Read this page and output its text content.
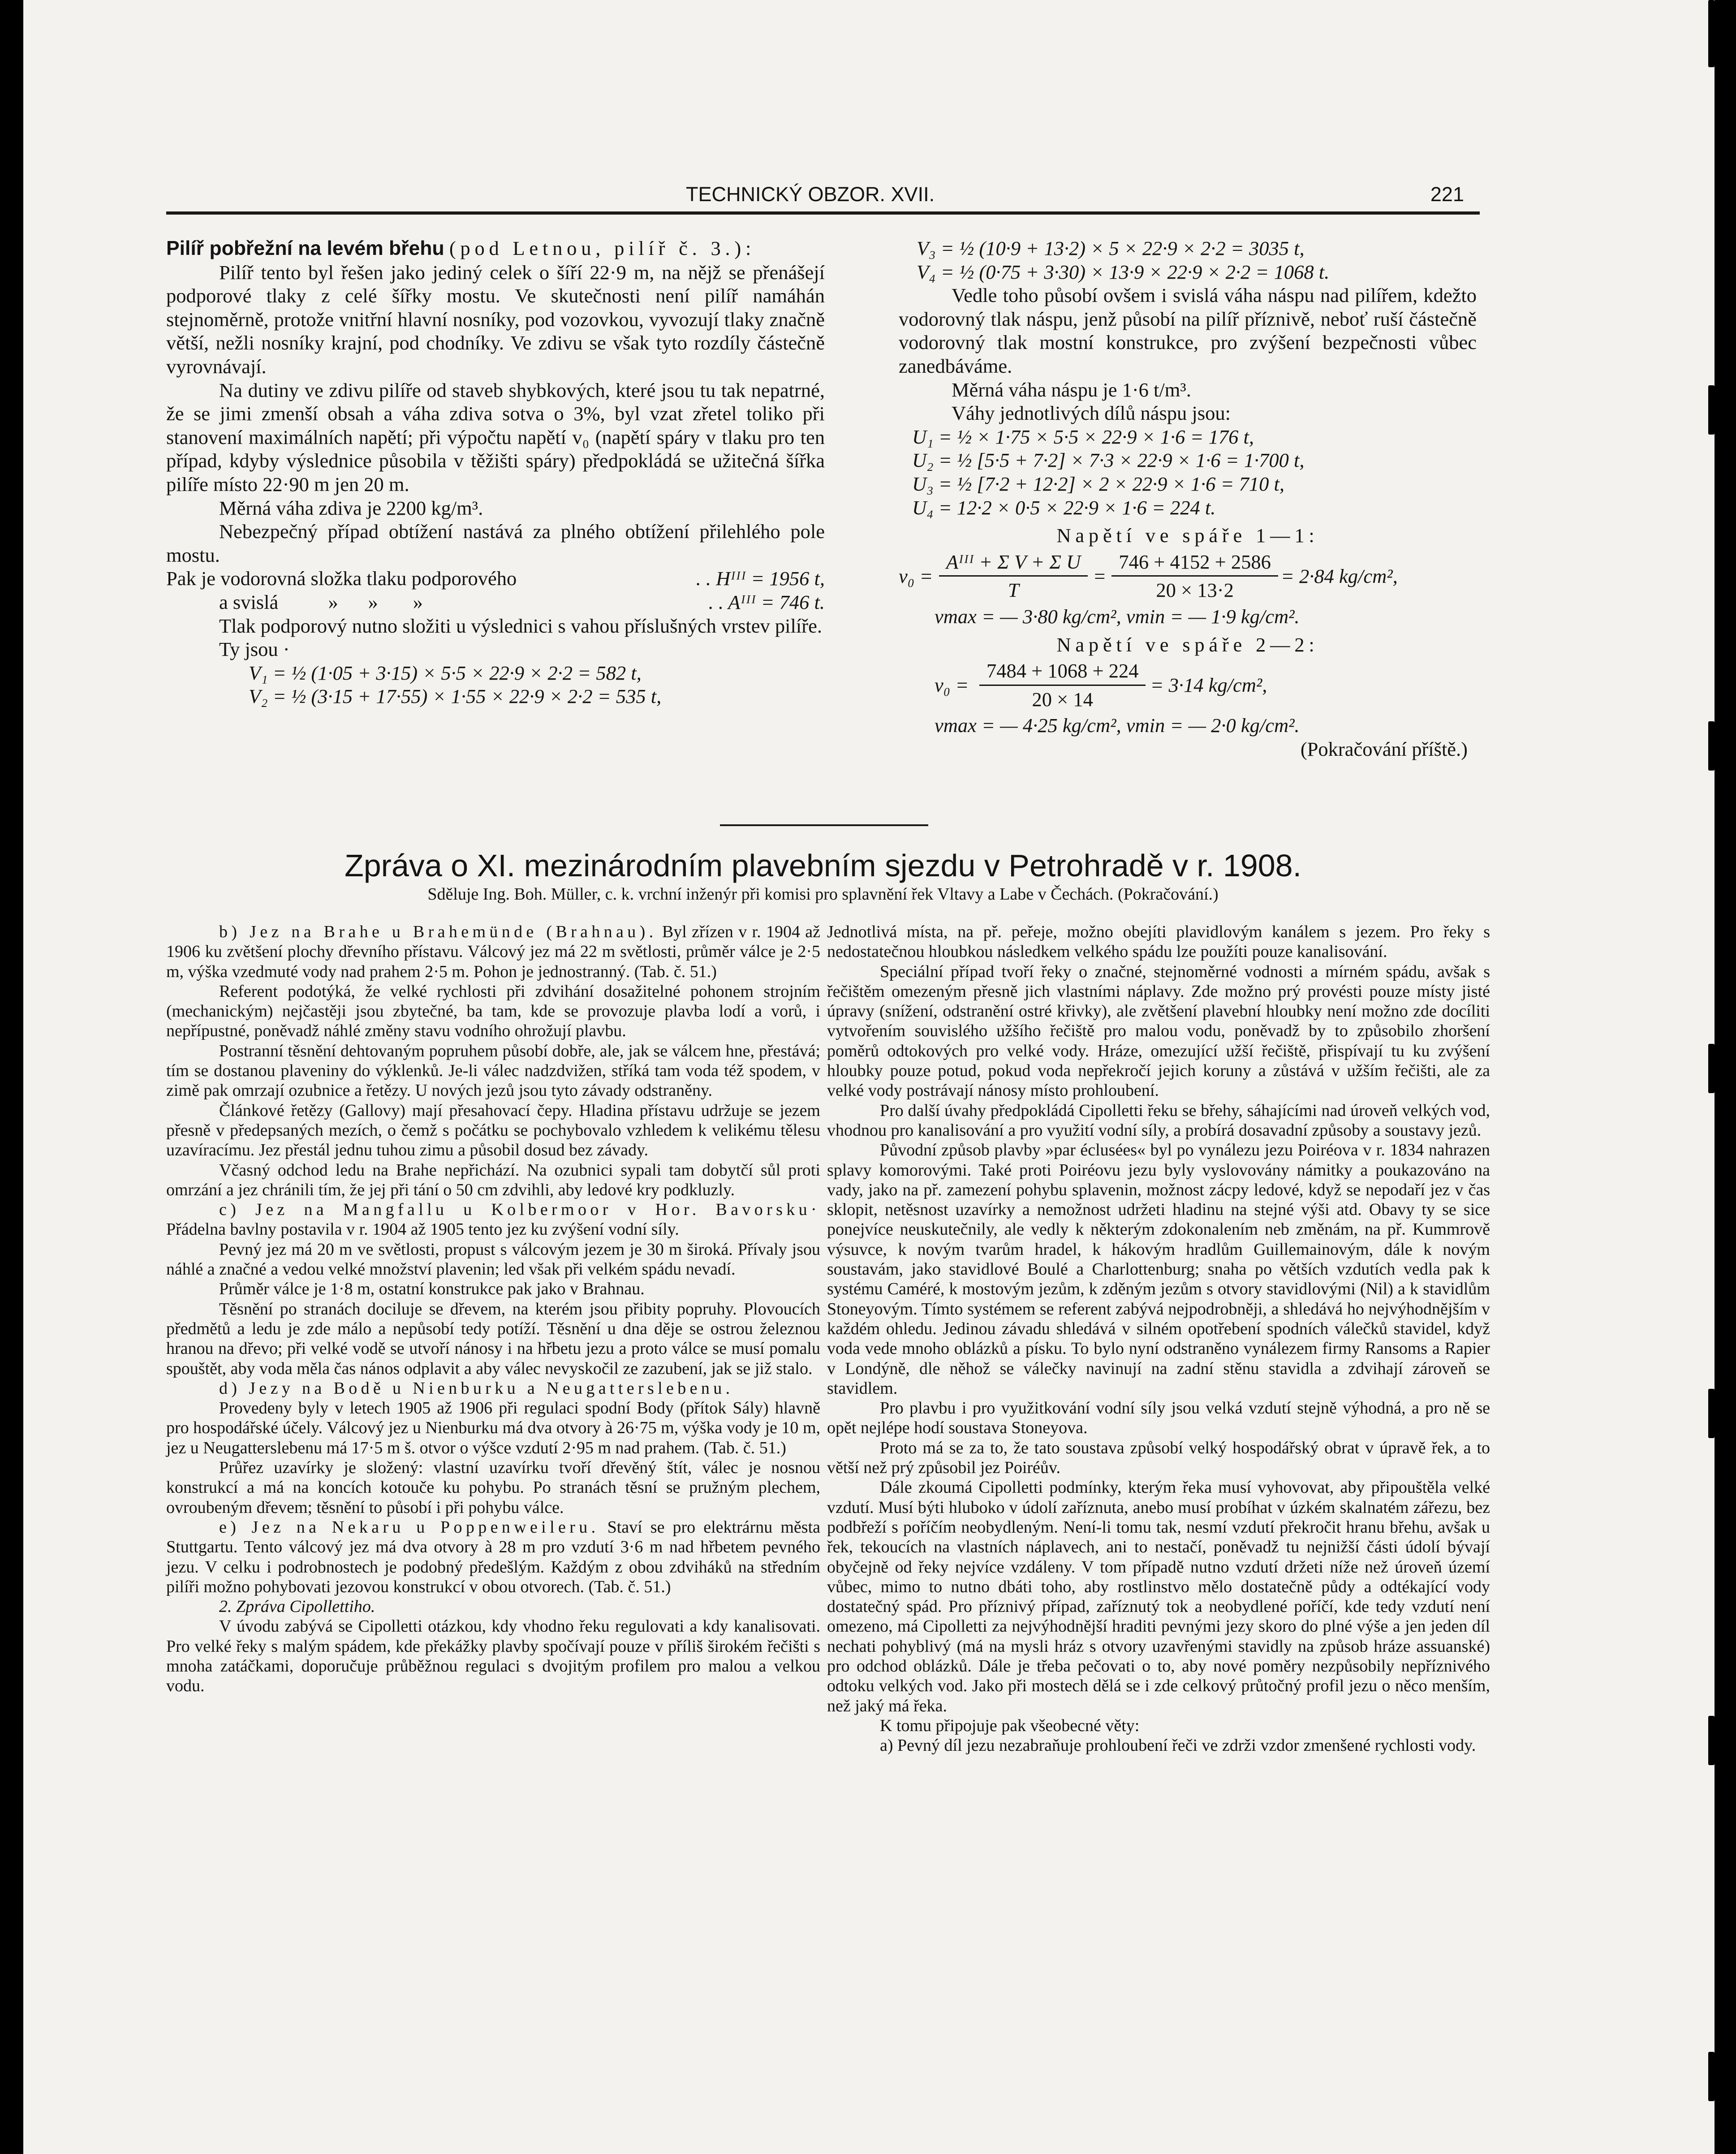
TECHNICKÝ OBZOR. XVII.	221

Pilíř pobřežní na levém břehu (pod Letnou, pilíř č. 3.):

Pilíř tento byl řešen jako jediný celek o šíří 22·9 m, na nějž se přenášejí podporové tlaky z celé šířky mostu. Ve skutečnosti není pilíř namáhán stejnoměrně, protože vnitřní hlavní nosníky, pod vozovkou, vyvozují tlaky značně větší, nežli nosníky krajní, pod chodníky. Ve zdivu se však tyto rozdíly částečně vyrovnávají.

Na dutiny ve zdivu pilíře od staveb shybkových, které jsou tu tak nepatrné, že se jimi zmenší obsah a váha zdiva sotva o 3%, byl vzat zřetel toliko při stanovení maximálních napětí; při výpočtu napětí v₀ (napětí spáry v tlaku pro ten případ, kdyby výslednice působila v těžišti spáry) předpokládá se užitečná šířka pilíře místo 22·90 m jen 20 m.

Měrná váha zdiva je 2200 kg/m³.

Nebezpečný případ obtížení nastává za plného obtížení přilehlého pole mostu.

Pak je vodorovná složka tlaku podporového	. . Hᴵᴵᴵ = 1956 t,
a svislá          »      »       »	. . Aᴵᴵᴵ = 746 t.

Tlak podporový nutno složiti u výslednici s vahou příslušných vrstev pilíře.

Ty jsou ·

V₁ = ½ (1·05 + 3·15) × 5·5 × 22·9 × 2·2 = 582 t,

V₂ = ½ (3·15 + 17·55) × 1·55 × 22·9 × 2·2 = 535 t,

V₃ = ½ (10·9 + 13·2) × 5 × 22·9 × 2·2 = 3035 t,

V₄ = ½ (0·75 + 3·30) × 13·9 × 22·9 × 2·2 = 1068 t.

Vedle toho působí ovšem i svislá váha náspu nad pilířem, kdežto vodorovný tlak náspu, jenž působí na pilíř příznivě, neboť ruší částečně vodorovný tlak mostní konstrukce, pro zvýšení bezpečnosti vůbec zanedbáváme.

Měrná váha náspu je 1·6 t/m³.

Váhy jednotlivých dílů náspu jsou:

U₁ = ½ × 1·75 × 5·5 × 22·9 × 1·6 = 176 t,

U₂ = ½ [5·5 + 7·2] × 7·3 × 22·9 × 1·6 = 1·700 t,

U₃ = ½ [7·2 + 12·2] × 2 × 22·9 × 1·6 = 710 t,

U₄ = 12·2 × 0·5 × 22·9 × 1·6 = 224 t.

Napětí ve spáře 1—1:

$v_0 = \frac{\text{Aᴵᴵᴵ + Σ V + Σ U}}{T} = \frac{746 + 4152 + 2586}{20 \times 13\cdot 2} = 2\cdot 84$ kg/cm²,

vmax = — 3·80 kg/cm², vmin = — 1·9 kg/cm².

Napětí ve spáře 2—2:

$v_0 = \frac{7484 + 1068 + 224}{20 \times 14} = 3\cdot 14$ kg/cm²,

vmax = — 4·25 kg/cm², vmin = — 2·0 kg/cm².

(Pokračování příště.)

Zpráva o XI. mezinárodním plavebním sjezdu v Petrohradě v r. 1908.
Sděluje Ing. Boh. Müller, c. k. vrchní inženýr při komisi pro splavnění řek Vltavy a Labe v Čechách. (Pokračování.)

b) Jez na Brahe u Brahemünde (Brahnau). Byl zřízen v r. 1904 až 1906 ku zvětšení plochy dřevního přístavu. Válcový jez má 22 m světlosti, průměr válce je 2·5 m, výška vzedmuté vody nad prahem 2·5 m. Pohon je jednostranný. (Tab. č. 51.)

Referent podotýká, že velké rychlosti při zdvihání dosažitelné pohonem strojním (mechanickým) nejčastěji jsou zbytečné, ba tam, kde se provozuje plavba lodí a vorů, i nepřípustné, poněvadž náhlé změny stavu vodního ohrožují plavbu.

Postranní těsnění dehtovaným popruhem působí dobře, ale, jak se válcem hne, přestává; tím se dostanou plaveniny do výklenků. Je-li válec nadzdvižen, stříká tam voda též spodem, v zimě pak omrzají ozubnice a řetězy. U nových jezů jsou tyto závady odstraněny.

Článkové řetězy (Gallovy) mají přesahovací čepy. Hladina přístavu udržuje se jezem přesně v předepsaných mezích, o čemž s počátku se pochybovalo vzhledem k velikému tělesu uzavíracímu. Jez přestál jednu tuhou zimu a působil dosud bez závady.

Včasný odchod ledu na Brahe nepřichází. Na ozubnici sypali tam dobytčí sůl proti omrzání a jez chránili tím, že jej při tání o 50 cm zdvihli, aby ledové kry podkluzly.

c) Jez na Mangfallu u Kolbermoor v Hor. Bavorsku· Přádelna bavlny postavila v r. 1904 až 1905 tento jez ku zvýšení vodní síly.

Pevný jez má 20 m ve světlosti, propust s válcovým jezem je 30 m široká. Přívaly jsou náhlé a značné a vedou velké množství plavenin; led však při velkém spádu nevadí.

Průměr válce je 1·8 m, ostatní konstrukce pak jako v Brahnau.

Těsnění po stranách dociluje se dřevem, na kterém jsou přibity popruhy. Plovoucích předmětů a ledu je zde málo a nepůsobí tedy potíží. Těsnění u dna děje se ostrou železnou hranou na dřevo; při velké vodě se utvoří nánosy i na hřbetu jezu a proto válce se musí pomalu spouštět, aby voda měla čas nános odplavit a aby válec nevyskočil ze zazubení, jak se již stalo.

d) Jezy na Bodě u Nienburku a Neugatterslebenu.

Provedeny byly v letech 1905 až 1906 při regulaci spodní Body (přítok Sály) hlavně pro hospodářské účely. Válcový jez u Nienburku má dva otvory à 26·75 m, výška vody je 10 m, jez u Neugatterslebenu má 17·5 m š. otvor o výšce vzdutí 2·95 m nad prahem. (Tab. č. 51.)

Průřez uzavírky je složený: vlastní uzavírku tvoří dřevěný štít, válec je nosnou konstrukcí a má na koncích kotouče ku pohybu. Po stranách těsní se pružným plechem, ovroubeným dřevem; těsnění to působí i při pohybu válce.

e) Jez na Nekaru u Poppenweileru. Staví se pro elektrárnu města Stuttgartu. Tento válcový jez má dva otvory à 28 m pro vzdutí 3·6 m nad hřbetem pevného jezu. V celku i podrobnostech je podobný předešlým. Každým z obou zdviháků na středním pilíři možno pohybovati jezovou konstrukcí v obou otvorech. (Tab. č. 51.)

2. Zpráva Cipollettiho.

V úvodu zabývá se Cipolletti otázkou, kdy vhodno řeku regulovati a kdy kanalisovati. Pro velké řeky s malým spádem, kde překážky plavby spočívají pouze v příliš širokém řečišti s mnoha zatáčkami, doporučuje průběžnou regulaci s dvojitým profilem pro malou a velkou vodu.

Jednotlivá místa, na př. peřeje, možno obejíti plavidlovým kanálem s jezem. Pro řeky s nedostatečnou hloubkou následkem velkého spádu lze použíti pouze kanalisování.

Speciální případ tvoří řeky o značné, stejnoměrné vodnosti a mírném spádu, avšak s řečištěm omezeným přesně jich vlastními náplavy. Zde možno prý provésti pouze místy jisté úpravy (snížení, odstranění ostré křivky), ale zvětšení plavební hloubky není možno zde docíliti vytvořením souvislého užšího řečiště pro malou vodu, poněvadž by to způsobilo zhoršení poměrů odtokových pro velké vody. Hráze, omezující užší řečiště, přispívají tu ku zvýšení hloubky pouze potud, pokud voda nepřekročí jejich koruny a zůstává v užším řečišti, ale za velké vody postrávají nánosy místo prohloubení.

Pro další úvahy předpokládá Cipolletti řeku se břehy, sáhajícími nad úroveň velkých vod, vhodnou pro kanalisování a pro využití vodní síly, a probírá dosavadní způsoby a soustavy jezů.

Původní způsob plavby »par éclusées« byl po vynálezu jezu Poiréova v r. 1834 nahrazen splavy komorovými. Také proti Poiréovu jezu byly vyslovovány námitky a poukazováno na vady, jako na př. zamezení pohybu splavenin, možnost zácpy ledové, když se nepodaří jez v čas sklopit, netěsnost uzavírky a nemožnost udržeti hladinu na stejné výši atd. Obavy ty se sice ponejvíce neuskutečnily, ale vedly k některým zdokonalením neb změnám, na př. Kummrově výsuvce, k novým tvarům hradel, k hákovým hradlům Guillemainovým, dále k novým soustavám, jako stavidlové Boulé a Charlottenburg; snaha po větších vzdutích vedla pak k systému Caméré, k mostovým jezům, k zděným jezům s otvory stavidlovými (Nil) a k stavidlům Stoneyovým. Tímto systémem se referent zabývá nejpodrobněji, a shledává ho nejvýhodnějším v každém ohledu. Jedinou závadu shledává v silném opotřebení spodních válečků stavidel, když voda vede mnoho oblázků a písku. To bylo nyní odstraněno vynálezem firmy Ransoms a Rapier v Londýně, dle něhož se válečky navinují na zadní stěnu stavidla a zdvihají zároveň se stavidlem.

Pro plavbu i pro využitkování vodní síly jsou velká vzdutí stejně výhodná, a pro ně se opět nejlépe hodí soustava Stoneyova.

Proto má se za to, že tato soustava způsobí velký hospodářský obrat v úpravě řek, a to větší než prý způsobil jez Poiréův.

Dále zkoumá Cipolletti podmínky, kterým řeka musí vyhovovat, aby připouštěla velké vzdutí. Musí býti hluboko v údolí zaříznuta, anebo musí probíhat v úzkém skalnatém zářezu, bez podbřeží s poříčím neobydleným. Není-li tomu tak, nesmí vzdutí překročit hranu břehu, avšak u řek, tekoucích na vlastních náplavech, ani to nestačí, poněvadž tu nejnižší části údolí bývají obyčejně od řeky nejvíce vzdáleny. V tom případě nutno vzdutí držeti níže než úroveň území vůbec, mimo to nutno dbáti toho, aby rostlinstvo mělo dostatečně půdy a odtékající vody dostatečný spád. Pro příznivý případ, zaříznutý tok a neobydlené poříčí, kde tedy vzdutí není omezeno, má Cipolletti za nejvýhodnější hraditi pevnými jezy skoro do plné výše a jen jeden díl nechati pohyblivý (má na mysli hráz s otvory uzavřenými stavidly na způsob hráze assuanské) pro odchod oblázků. Dále je třeba pečovati o to, aby nové poměry nezpůsobily nepříznivého odtoku velkých vod. Jako při mostech dělá se i zde celkový průtočný profil jezu o něco menším, než jaký má řeka.

K tomu připojuje pak všeobecné věty:

a) Pevný díl jezu nezabraňuje prohloubení řeči ve zdrži vzdor zmenšené rychlosti vody.
